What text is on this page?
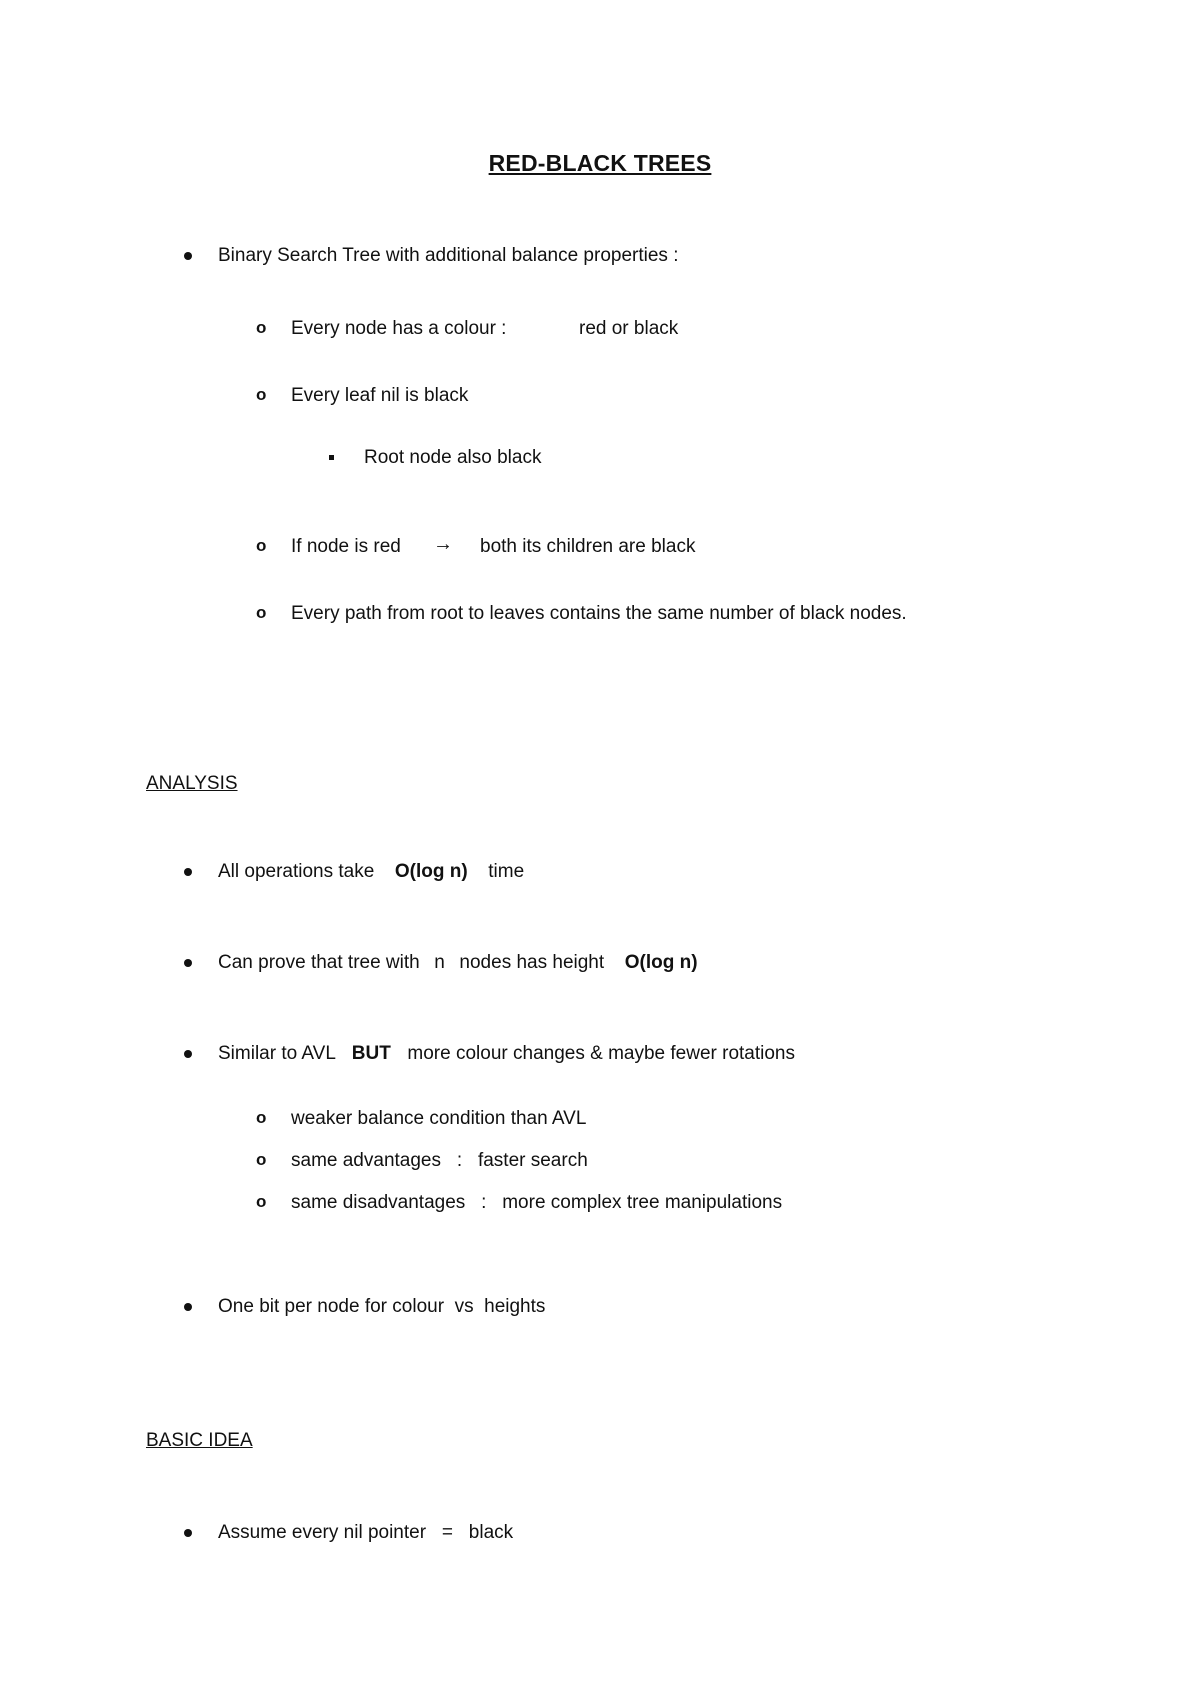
RED-BLACK TREES
Binary Search Tree with additional balance properties :
o Every node has a colour :	red or black
o Every leaf nil is black
Root node also black
o If node is red → both its children are black
o Every path from root to leaves contains the same number of black nodes.
ANALYSIS
All operations take O(log n) time
Can prove that tree with n nodes has height O(log n)
Similar to AVL BUT more colour changes & maybe fewer rotations
o weaker balance condition than AVL
o same advantages   :   faster search
o same disadvantages   :   more complex tree manipulations
One bit per node for colour  vs  heights
BASIC IDEA
Assume every nil pointer   =   black
